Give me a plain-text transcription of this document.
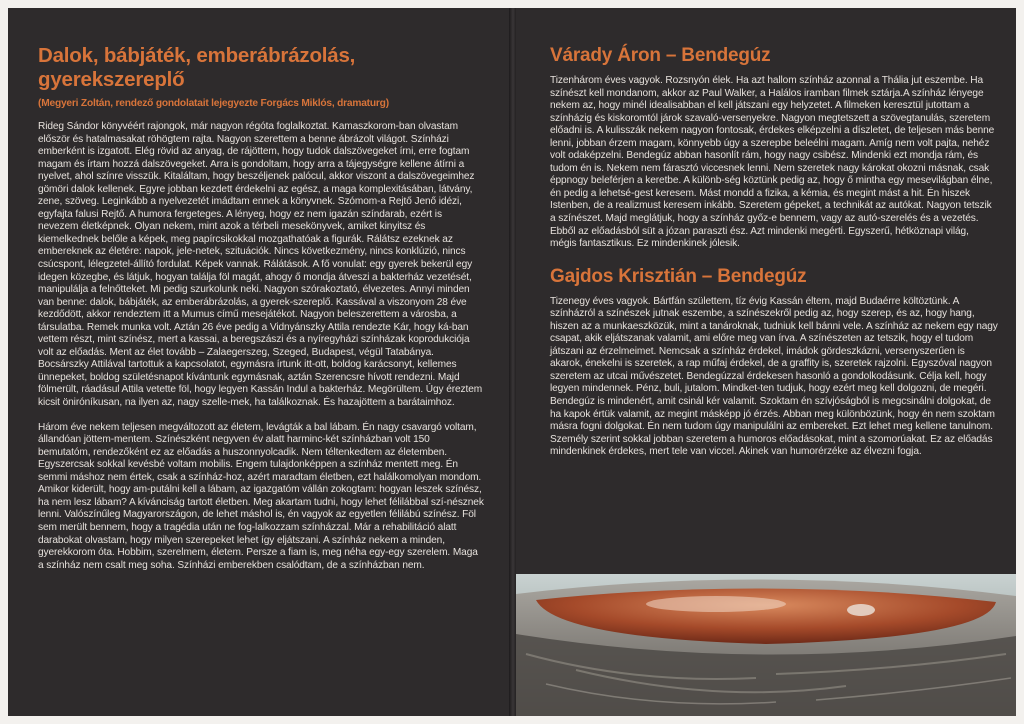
Dalok, bábjáték, emberábrázolás, gyerekszereplő
(Megyeri Zoltán, rendező gondolatait lejegyezte Forgács Miklós, dramaturg)

Rideg Sándor könyvéért rajongok, már nagyon régóta foglalkoztat. Kamaszkorom-ban olvastam először és hatalmasakat röhögtem rajta. Nagyon szerettem a benne ábrázolt világot. Színházi emberként is izgatott. Elég rövid az anyag, de rájöttem, hogy tudok dalszövegeket írni, erre fogtam magam és írtam hozzá dalszövegeket. Arra is gondoltam, hogy arra a tájegységre kellene átírni a nyelvet, ahol színre visszük. Kitaláltam, hogy beszéljenek palócul, akkor viszont a dalszövegeimhez gömöri dalok kellenek. Egyre jobban kezdett érdekelni az egész, a maga komplexitásában, látvány, zene, szöveg. Leginkább a nyelvezetét imádtam ennek a könyvnek. Szómom-a Rejtő Jenő idézi, egyfajta falusi Rejtő. A humora fergeteges. A lényeg, hogy ez nem igazán színdarab, ezért is nevezem életképnek. Olyan nekem, mint azok a térbeli mesekönyvek, amiket kinyitsz és kiemelkednek belőle a képek, meg papírcsikokkal mozgathatóak a figurák. Rálátsz ezeknek az embereknek az életére: napok, jele-netek, szituációk. Nincs következmény, nincs konklúzió, nincs csúcspont, lélegzetel-állító fordulat. Képek vannak. Rálátások. A fő vonulat: egy gyerek bekerül egy idegen közegbe, és látjuk, hogyan találja föl magát, ahogy ő mondja átveszi a bakterház vezetését, manipulálja a felnőtteket. Mi pedig szurkolunk neki. Nagyon szórakoztató, élvezetes. Annyi minden van benne: dalok, bábjáték, az emberábrázolás, a gyerek-szereplő. Kassával a viszonyom 28 éve kezdődött, akkor rendeztem itt a Mumus című mesejátékot. Nagyon beleszerettem a városba, a társulatba. Remek munka volt. Aztán 26 éve pedig a Vidnyánszky Attila rendezte Kár, hogy ká-ban vettem részt, mint színész, mert a kassai, a beregszászi és a nyíregyházi színházak koprodukciója volt az előadás. Ment az élet tovább – Zalaegerszeg, Szeged, Budapest, végül Tatabánya. Bocsárszky Attilával tartottuk a kapcsolatot, egymásra írtunk itt-ott, boldog karácsonyt, kellemes ünnepeket, boldog születésnapot kívántunk egymásnak, aztán Szerencsre hívott rendezni. Majd fölmerült, ráadásul Attila vetette föl, hogy legyen Kassán Indul a bakterház. Megörültem. Úgy éreztem kicsit öniróníkusan, na ilyen az, nagy szelle-mek, ha találkoznak. És hazajöttem a barátaimhoz.

Három éve nekem teljesen megváltozott az életem, levágták a bal lábam. Én nagy csavargó voltam, állandóan jöttem-mentem. Színészként negyven év alatt harminc-két színházban volt 150 bemutatóm, rendezőként ez az előadás a huszonnyolcadik. Nem téltenkedtem az életemben. Egyszercsak sokkal kevésbé voltam mobilis. Engem tulajdonképpen a színház mentett meg. Én semmi máshoz nem értek, csak a színház-hoz, azért maradtam életben, ezt halálkomolyan mondom. Amikor kiderült, hogy am-putálni kell a lábam, az igazgatóm vállán zokogtam: hogyan leszek színész, ha nem lesz lábam? A kívánciság tartott életben. Meg akartam tudni, hogy lehet félilábbal szí-nésznek lenni. Valószínűleg Magyarországon, de lehet máshol is, én vagyok az egyetlen félilábú színész. Föl sem merült bennem, hogy a tragédia után ne fog-lalkozzam színházzal. Már a rehabilitáció alatt darabokat olvastam, hogy milyen szerepeket lehet így eljátszani. A színház nekem a minden, gyerekkorom óta. Hobbim, szerelmem, életem. Persze a fiam is, meg néha egy-egy szerelem. Maga a színház nem csalt meg soha. Színházi emberekben csalódtam, de a színházban nem.

Várady Áron – Bendegúz

Tizenhárom éves vagyok. Rozsnyón élek. Ha azt hallom színház azonnal a Thália jut eszembe. Ha színészt kell mondanom, akkor az Paul Walker, a Halálos iramban filmek sztárja.A színház lényege nekem az, hogy minél idealisabban el kell játszani egy helyzetet. A filmeken keresztül jutottam a színházig és kiskoromtól járok szavaló-versenyekre. Nagyon megtetszett a szövegtanulás, szeretem előadni is. A kulisszák nekem nagyon fontosak, érdekes elképzelni a díszletet, de teljesen más benne lenni, jobban érzem magam, könnyebb úgy a szerepbe beleélni magam. Amíg nem volt pajta, nehéz volt odaképzelni. Bendegúz abban hasonlít rám, hogy nagy csibész. Mindenki ezt mondja rám, és tudom én is. Nekem nem fárasztó viccesnek lenni. Nem szeretek nagy károkat okozni másnak, csak éppnogy beleférjen a keretbe. A különb-ség köztünk pedig az, hogy ő mintha egy mesevilágban élne, én pedig a lehetsé-gest keresem. Mást mondd a fizika, a kémia, és megint mást a hit. Én hiszek Istenben, de a realizmust keresem inkább. Szeretem gépeket, a technikát az autókat. Nagyon tetszik a színészet. Majd meglátjuk, hogy a színház győz-e bennem, vagy az autó-szerelés és a vezetés. Ebből az előadásból süt a józan paraszti ész. Azt mindenki megérti. Egyszerű, hétköznapi világ, mégis fantasztikus. Ez mindenkinek jólesik.

Gajdos Krisztián – Bendegúz

Tizenegy éves vagyok. Bártfán születtem, tíz évig Kassán éltem, majd Budaérre költöztünk. A színházról a színészek jutnak eszembe, a színészekről pedig az, hogy szerep, és az, hogy hang, hiszen az a munkaeszközük, mint a tanároknak, tudniuk kell bánni vele. A színház az nekem egy nagy csapat, akik eljátszanak valamit, ami előre meg van írva. A színészeten az tetszik, hogy el tudom játszani az érzelmeimet. Nemcsak a színház érdekel, imádok gördeszkázni, versenyszerűen is akarok, énekelni is szeretek, a rap műfaj érdekel, de a graffity is, szeretek rajzolni. Egyszóval nagyon szeretem az utcai művészetet. Bendegúzzal érdekesen hasonló a gondolkodásunk. Célja kell, hogy legyen mindennek. Pénz, buli, jutalom. Mindket-ten tudjuk, hogy ezért meg kell dolgozni, de megéri. Bendegúz is mindenért, amit csinál kér valamit. Szoktam én szívjóságból is megcsinálni dolgokat, de ha kapok értük valamit, az megint másképp jó érzés. Abban meg különbözünk, hogy én nem szoktam másra fogni dolgokat. Én nem tudom úgy manipulálni az embereket. Ezt lehet meg kellene tanulnom. Személy szerint sokkal jobban szeretem a humoros előadásokat, mint a szomorúakat. Ez az előadás mindenkinek érdekes, mert tele van viccel. Akinek van humorérzéke az élvezni fogja.
